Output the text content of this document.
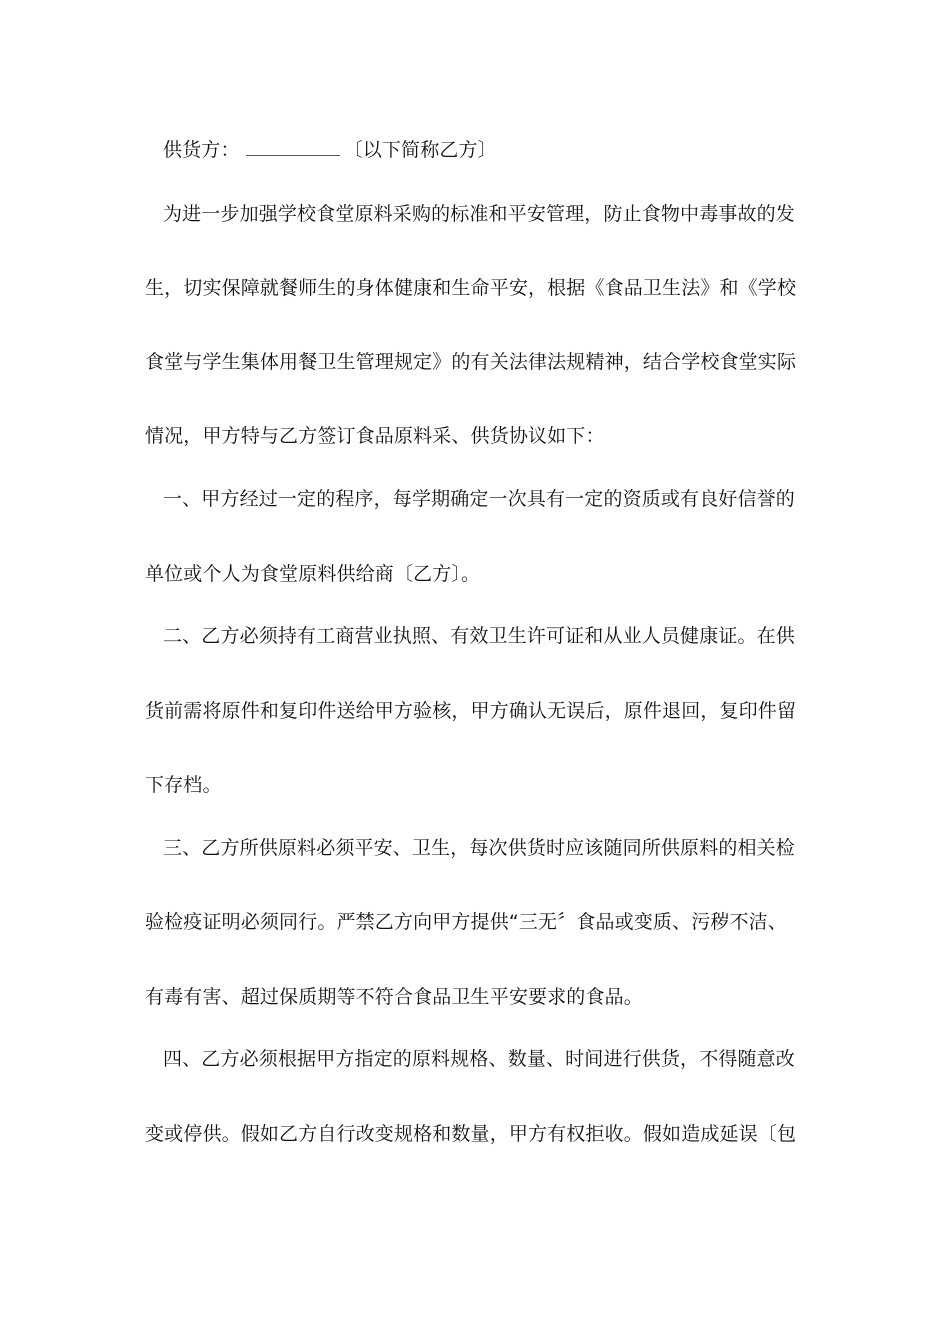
供货方：	〔以下简称乙方〕
为进一步加强学校食堂原料采购的标准和平安管理，防止食物中毒事故的发
生，切实保障就餐师生的身体健康和生命平安，根据《食品卫生法》和《学校
食堂与学生集体用餐卫生管理规定》的有关法律法规精神，结合学校食堂实际
情况，甲方特与乙方签订食品原料采、供货协议如下：
一、甲方经过一定的程序，每学期确定一次具有一定的资质或有良好信誉的
单位或个人为食堂原料供给商〔乙方〕。
二、乙方必须持有工商营业执照、有效卫生许可证和从业人员健康证。在供
货前需将原件和复印件送给甲方验核，甲方确认无误后，原件退回，复印件留
下存档。
三、乙方所供原料必须平安、卫生，每次供货时应该随同所供原料的相关检
验检疫证明必须同行。严禁乙方向甲方提供“三无〞食品或变质、污秽不洁、
有毒有害、超过保质期等不符合食品卫生平安要求的食品。
四、乙方必须根据甲方指定的原料规格、数量、时间进行供货，不得随意改
变或停供。假如乙方自行改变规格和数量，甲方有权拒收。假如造成延误〔包
